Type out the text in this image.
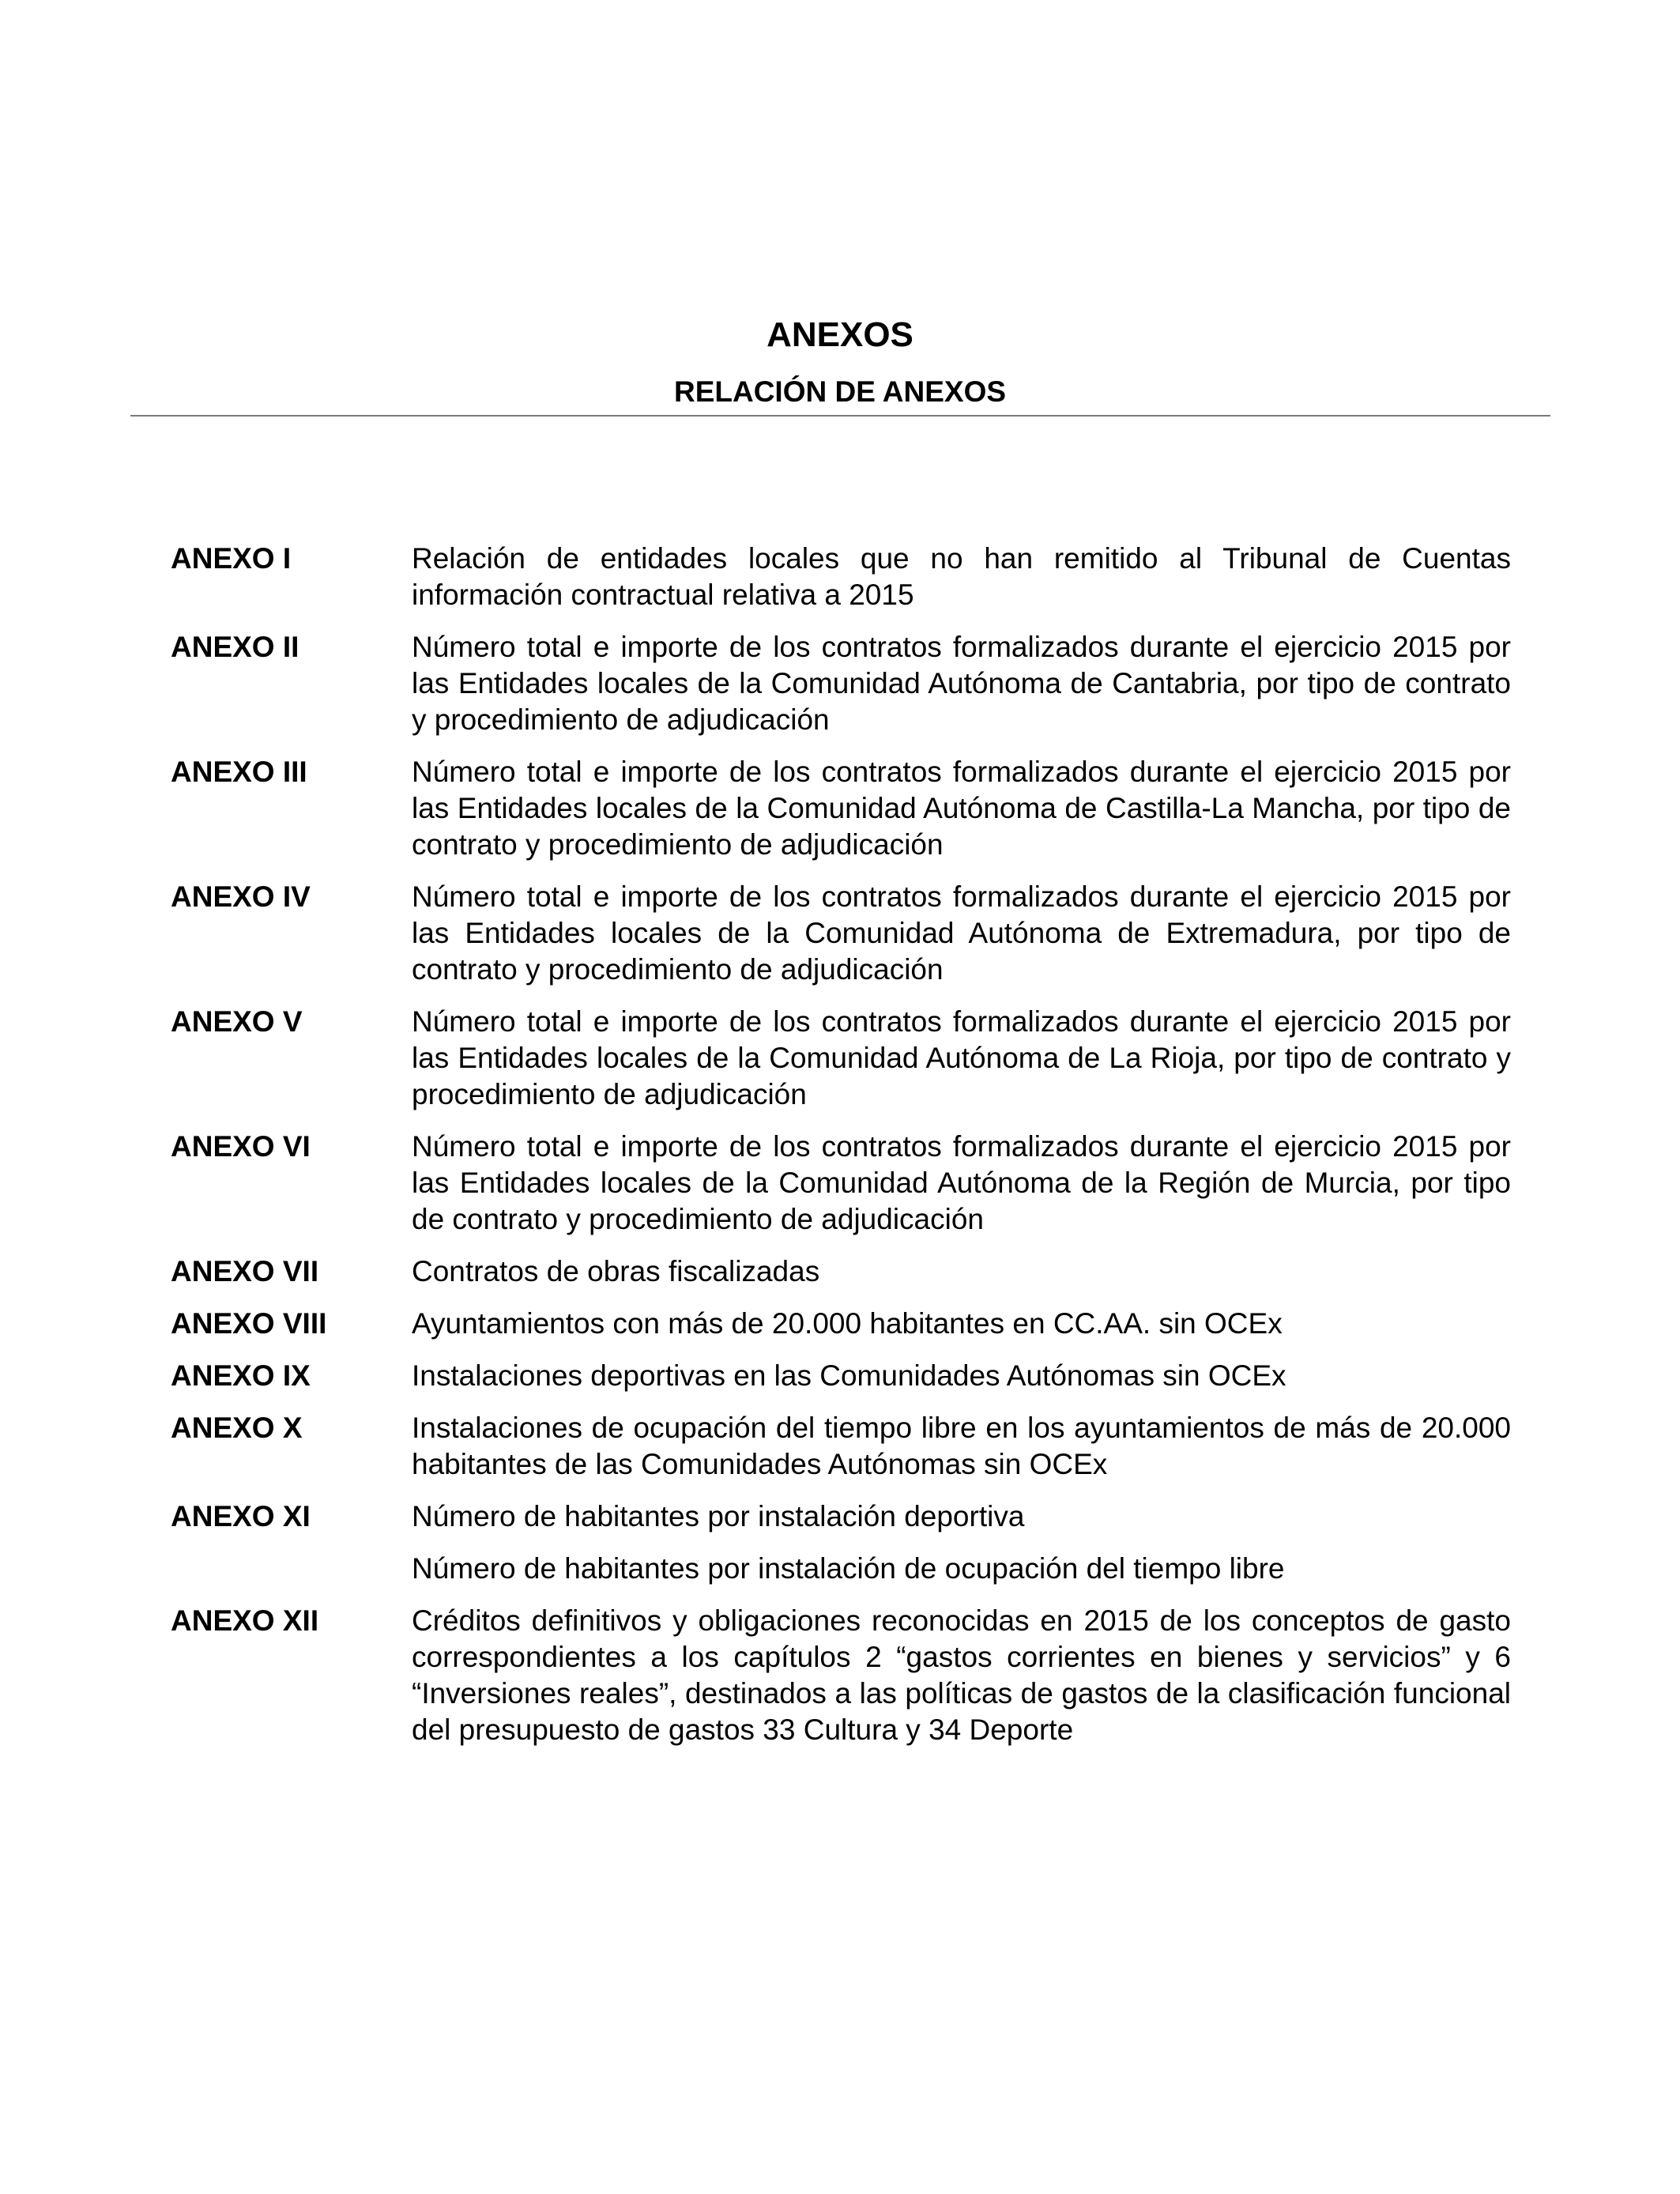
ANEXOS
RELACIÓN DE ANEXOS
ANEXO I	Relación de entidades locales que no han remitido al Tribunal de Cuentas información contractual relativa a 2015
ANEXO II	Número total e importe de los contratos formalizados durante el ejercicio 2015 por las Entidades locales de la Comunidad Autónoma de Cantabria, por tipo de contrato y procedimiento de adjudicación
ANEXO III	Número total e importe de los contratos formalizados durante el ejercicio 2015 por las Entidades locales de la Comunidad Autónoma de Castilla-La Mancha, por tipo de contrato y procedimiento de adjudicación
ANEXO IV	Número total e importe de los contratos formalizados durante el ejercicio 2015 por las Entidades locales de la Comunidad Autónoma de Extremadura, por tipo de contrato y procedimiento de adjudicación
ANEXO V	Número total e importe de los contratos formalizados durante el ejercicio 2015 por las Entidades locales de la Comunidad Autónoma de La Rioja, por tipo de contrato y procedimiento de adjudicación
ANEXO VI	Número total e importe de los contratos formalizados durante el ejercicio 2015 por las Entidades locales de la Comunidad Autónoma de la Región de Murcia, por tipo de contrato y procedimiento de adjudicación
ANEXO VII	Contratos de obras fiscalizadas
ANEXO VIII	Ayuntamientos con más de 20.000 habitantes en CC.AA. sin OCEx
ANEXO IX	Instalaciones deportivas en las Comunidades Autónomas sin OCEx
ANEXO X	Instalaciones de ocupación del tiempo libre en los ayuntamientos de más de 20.000 habitantes de las Comunidades Autónomas sin OCEx
ANEXO XI	Número de habitantes por instalación deportiva
Número de habitantes por instalación de ocupación del tiempo libre
ANEXO XII	Créditos definitivos y obligaciones reconocidas en 2015 de los conceptos de gasto correspondientes a los capítulos 2 “gastos corrientes en bienes y servicios” y 6 “Inversiones reales”, destinados a las políticas de gastos de la clasificación funcional del presupuesto de gastos 33 Cultura y 34 Deporte
